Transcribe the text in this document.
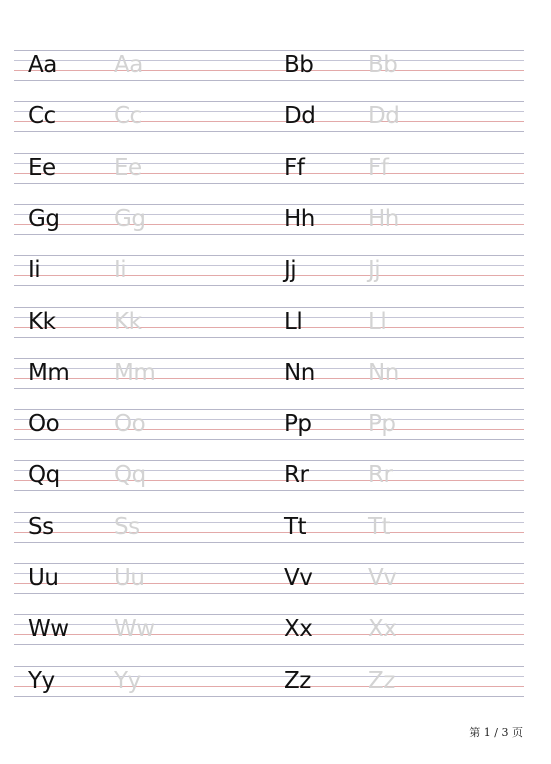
Aa Aa	Bb Bb
Cc	Cc	Dd Dd
Ee	Ee	Ff	Ff
Gg Gg	Hh Hh
Ii	Ii	Jj	Jj
Kk	Kk	Ll	Ll
Mm Mm	Nn Nn
Oo Oo	Pp Pp
Qq Qq	Rr	Rr
Ss	Ss	Tt	Tt
Uu Uu	Vv Vv
Ww Ww	Xx Xx
Yy	Yy	Zz Zz
第 1 / 3 页
